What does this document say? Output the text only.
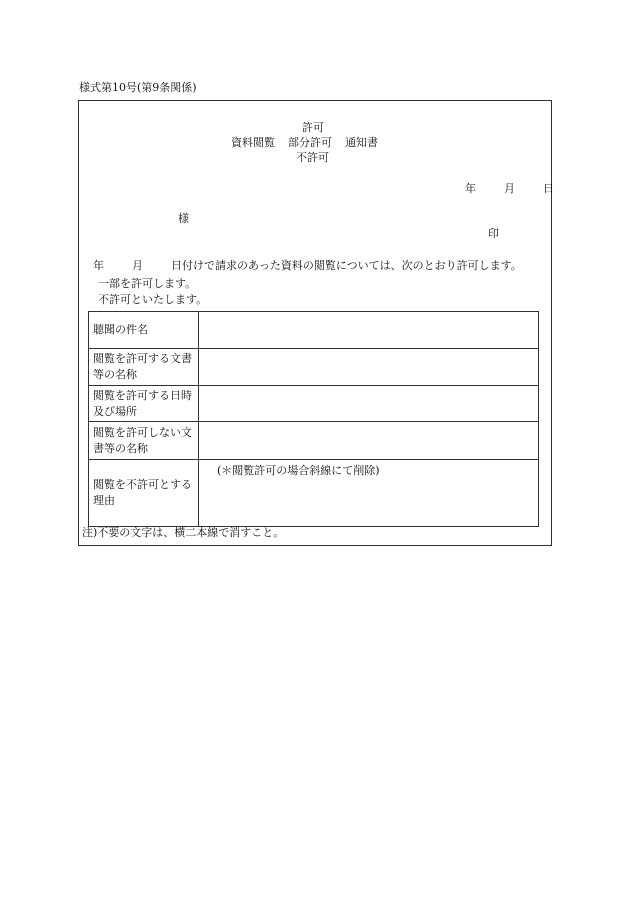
様式第10号(第9条関係)
許可
資料閲覧 部分許可 通知書
不許可
年	月	日
様
印
年	月	日付けで請求のあった資料の閲覧については、次のとおり許可します。
一部を許可します。
不許可といたします。
聴聞の件名	
閲覧を許可する文書等の名称	
閲覧を許可する日時及び場所	
閲覧を許可しない文書等の名称	
閲覧を不許可とする理由	(＊閲覧許可の場合斜線にて削除)
注)不要の文字は、横二本線で消すこと。
